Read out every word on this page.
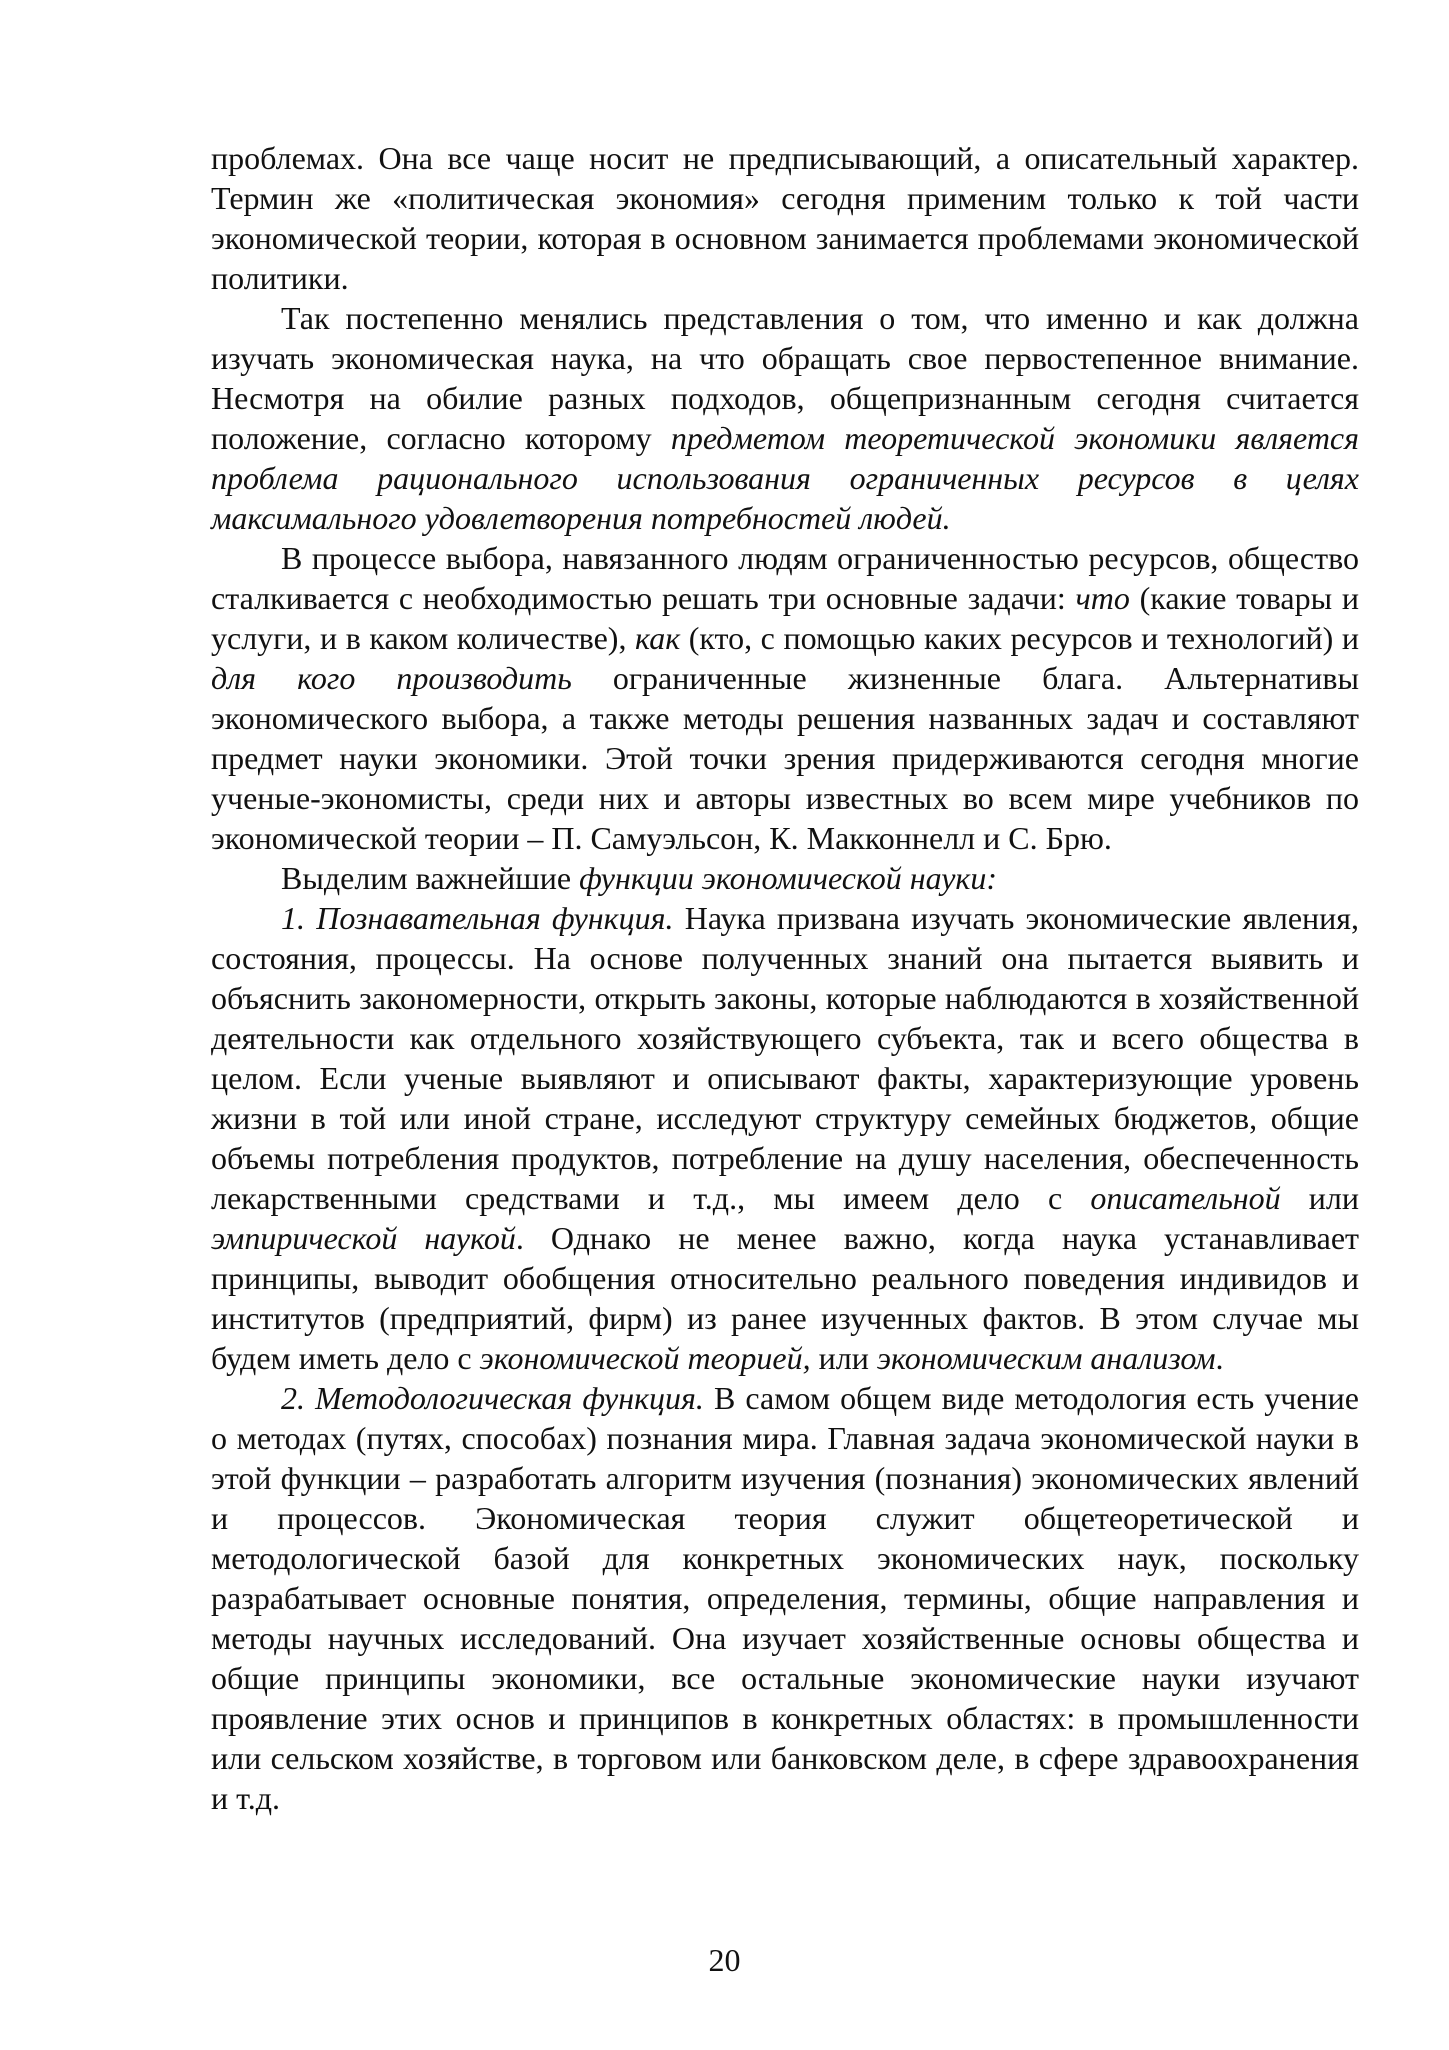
проблемах. Она все чаще носит не предписывающий, а описательный характер. Термин же «политическая экономия» сегодня применим только к той части экономической теории, которая в основном занимается проблемами экономической политики.

Так постепенно менялись представления о том, что именно и как должна изучать экономическая наука, на что обращать свое первостепенное внимание. Несмотря на обилие разных подходов, общепризнанным сегодня считается положение, согласно которому предметом теоретической экономики является проблема рационального использования ограниченных ресурсов в целях максимального удовлетворения потребностей людей.

В процессе выбора, навязанного людям ограниченностью ресурсов, общество сталкивается с необходимостью решать три основные задачи: что (какие товары и услуги, и в каком количестве), как (кто, с помощью каких ресурсов и технологий) и для кого производить ограниченные жизненные блага. Альтернативы экономического выбора, а также методы решения названных задач и составляют предмет науки экономики. Этой точки зрения придерживаются сегодня многие ученые-экономисты, среди них и авторы известных во всем мире учебников по экономической теории – П. Самуэльсон, К. Макконнелл и С. Брю.

Выделим важнейшие функции экономической науки:

1. Познавательная функция. Наука призвана изучать экономические явления, состояния, процессы. На основе полученных знаний она пытается выявить и объяснить закономерности, открыть законы, которые наблюдаются в хозяйственной деятельности как отдельного хозяйствующего субъекта, так и всего общества в целом. Если ученые выявляют и описывают факты, характеризующие уровень жизни в той или иной стране, исследуют структуру семейных бюджетов, общие объемы потребления продуктов, потребление на душу населения, обеспеченность лекарственными средствами и т.д., мы имеем дело с описательной или эмпирической наукой. Однако не менее важно, когда наука устанавливает принципы, выводит обобщения относительно реального поведения индивидов и институтов (предприятий, фирм) из ранее изученных фактов. В этом случае мы будем иметь дело с экономической теорией, или экономическим анализом.

2. Методологическая функция. В самом общем виде методология есть учение о методах (путях, способах) познания мира. Главная задача экономической науки в этой функции – разработать алгоритм изучения (познания) экономических явлений и процессов. Экономическая теория служит общетеоретической и методологической базой для конкретных экономических наук, поскольку разрабатывает основные понятия, определения, термины, общие направления и методы научных исследований. Она изучает хозяйственные основы общества и общие принципы экономики, все остальные экономические науки изучают проявление этих основ и принципов в конкретных областях: в промышленности или сельском хозяйстве, в торговом или банковском деле, в сфере здравоохранения и т.д.

20
